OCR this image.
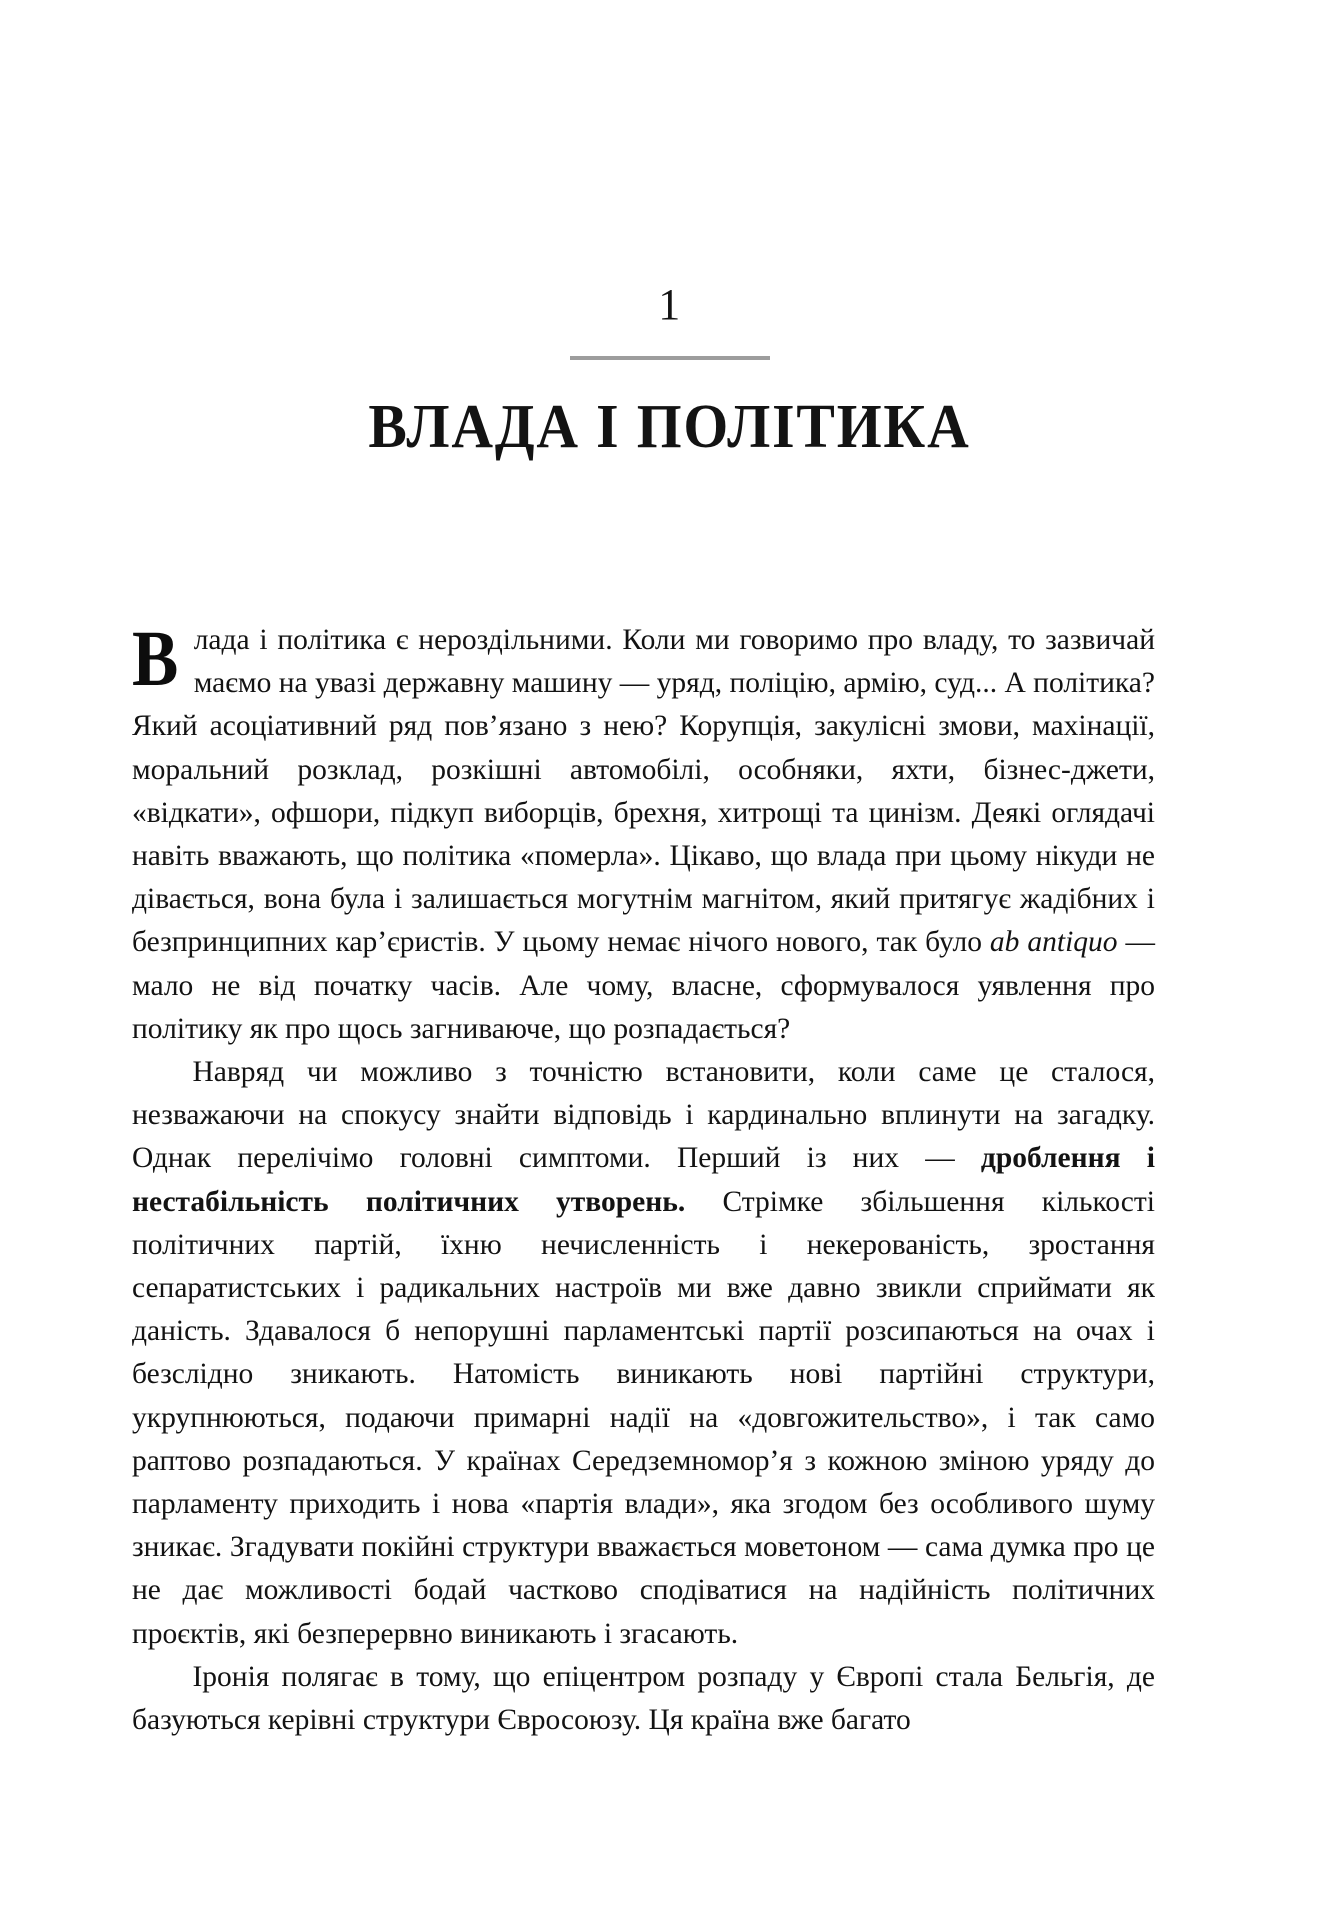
1
ВЛАДА І ПОЛІТИКА

Влада і політика є нероздільними. Коли ми говоримо про владу, то зазвичай маємо на увазі державну машину — уряд, поліцію, армію, суд... А політика? Який асоціативний ряд пов’язано з нею? Корупція, закулісні змови, махінації, моральний розклад, розкішні автомобілі, особняки, яхти, бізнес-джети, «відкати», офшори, підкуп виборців, брехня, хитрощі та цинізм. Деякі оглядачі навіть вважають, що політика «померла». Цікаво, що влада при цьому нікуди не дівається, вона була і залишається могутнім магнітом, який притягує жадібних і безпринципних кар’єристів. У цьому немає нічого нового, так було ab antiquo — мало не від початку часів. Але чому, власне, сформувалося уявлення про політику як про щось загниваюче, що розпадається?

Навряд чи можливо з точністю встановити, коли саме це сталося, незважаючи на спокусу знайти відповідь і кардинально вплинути на загадку. Однак перелічімо головні симптоми. Перший із них — дроблення і нестабільність політичних утворень. Стрімке збільшення кількості політичних партій, їхню нечисленність і некерованість, зростання сепаратистських і радикальних настроїв ми вже давно звикли сприймати як даність. Здавалося б непорушні парламентські партії розсипаються на очах і безслідно зникають. Натомість виникають нові партійні структури, укрупнюються, подаючи примарні надії на «довгожительство», і так само раптово розпадаються. У країнах Середземномор’я з кожною зміною уряду до парламенту приходить і нова «партія влади», яка згодом без особливого шуму зникає. Згадувати покійні структури вважається моветоном — сама думка про це не дає можливості бодай частково сподіватися на надійність політичних проєктів, які безперервно виникають і згасають.

Іронія полягає в тому, що епіцентром розпаду у Європі стала Бельгія, де базуються керівні структури Євросоюзу. Ця країна вже багато
